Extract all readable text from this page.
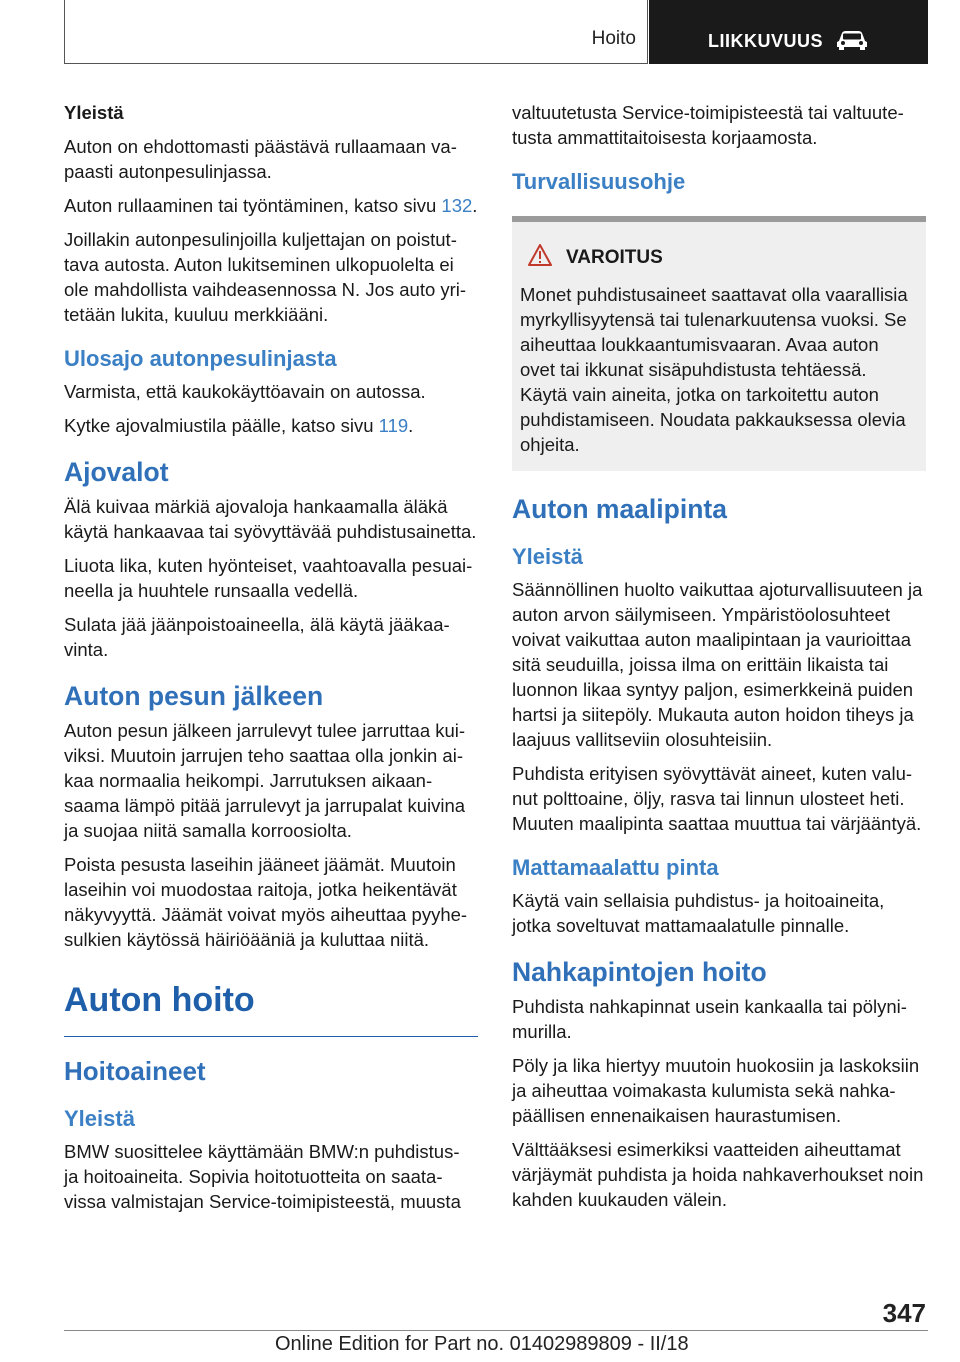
Hoito	LIIKKUVUUS
Yleistä

Auton on ehdottomasti päästävä rullaamaan vapaasti autonpesulinjassa.

Auton rullaaminen tai työntäminen, katso sivu 132.

Joillakin autonpesulinjoilla kuljettajan on poistuttava autosta. Auton lukitseminen ulkopuolelta ei ole mahdollista vaihdeasennossa N. Jos auto yritetään lukita, kuuluu merkkiääni.

Ulosajo autonpesulinjasta

Varmista, että kaukokäyttöavain on autossa.

Kytke ajovalmiustila päälle, katso sivu 119.

Ajovalot

Älä kuivaa märkiä ajovaloja hankaamalla äläkä käytä hankaavaa tai syövyttävää puhdistusainetta.

Liuota lika, kuten hyönteiset, vaahtoavalla pesuaineella ja huuhtele runsaalla vedellä.

Sulata jää jäänpoistoaineella, älä käytä jääkaavinta.

Auton pesun jälkeen

Auton pesun jälkeen jarrulevyt tulee jarruttaa kuiviksi. Muutoin jarrujen teho saattaa olla jonkin aikaa normaalia heikompi. Jarrutuksen aikaansaama lämpö pitää jarrulevyt ja jarrupalat kuivina ja suojaa niitä samalla korroosiolta.

Poista pesusta laseihin jääneet jäämät. Muutoin laseihin voi muodostaa raitoja, jotka heikentävät näkyvyyttä. Jäämät voivat myös aiheuttaa pyyhesulkien käytössä häiriöääniä ja kuluttaa niitä.

Auton hoito
Hoitoaineet
Yleistä

BMW suosittelee käyttämään BMW:n puhdistus- ja hoitoaineita. Sopivia hoitotuotteita on saatavissa valmistajan Service-toimipisteestä, muusta

valtuutetusta Service-toimipisteestä tai valtuutetusta ammattitaitoisesta korjaamosta.

Turvallisuusohje
VAROITUS

Monet puhdistusaineet saattavat olla vaarallisia myrkyllisyytensä tai tulenarkuutensa vuoksi. Se aiheuttaa loukkaantumisvaaran. Avaa auton ovet tai ikkunat sisäpuhdistusta tehtäessä. Käytä vain aineita, jotka on tarkoitettu auton puhdistamiseen. Noudata pakkauksessa olevia ohjeita.

Auton maalipinta
Yleistä

Säännöllinen huolto vaikuttaa ajoturvallisuuteen ja auton arvon säilymiseen. Ympäristöolosuhteet voivat vaikuttaa auton maalipintaan ja vaurioittaa sitä seuduilla, joissa ilma on erittäin likaista tai luonnon likaa syntyy paljon, esimerkkeinä puiden hartsi ja siitepöly. Mukauta auton hoidon tiheys ja laajuus vallitseviin olosuhteisiin.

Puhdista erityisen syövyttävät aineet, kuten valunut polttoaine, öljy, rasva tai linnun ulosteet heti. Muuten maalipinta saattaa muuttua tai värjääntyä.

Mattamaalattu pinta

Käytä vain sellaisia puhdistus- ja hoitoaineita, jotka soveltuvat mattamaalatulle pinnalle.

Nahkapintojen hoito

Puhdista nahkapinnat usein kankaalla tai pölynimurilla.

Pöly ja lika hiertyy muutoin huokosiin ja laskoksiin ja aiheuttaa voimakasta kulumista sekä nahkapäällisen ennenaikaisen haurastumisen.

Välttääksesi esimerkiksi vaatteiden aiheuttamat värjäymät puhdista ja hoida nahkaverhoukset noin kahden kuukauden välein.

347
Online Edition for Part no. 01402989809 - II/18
